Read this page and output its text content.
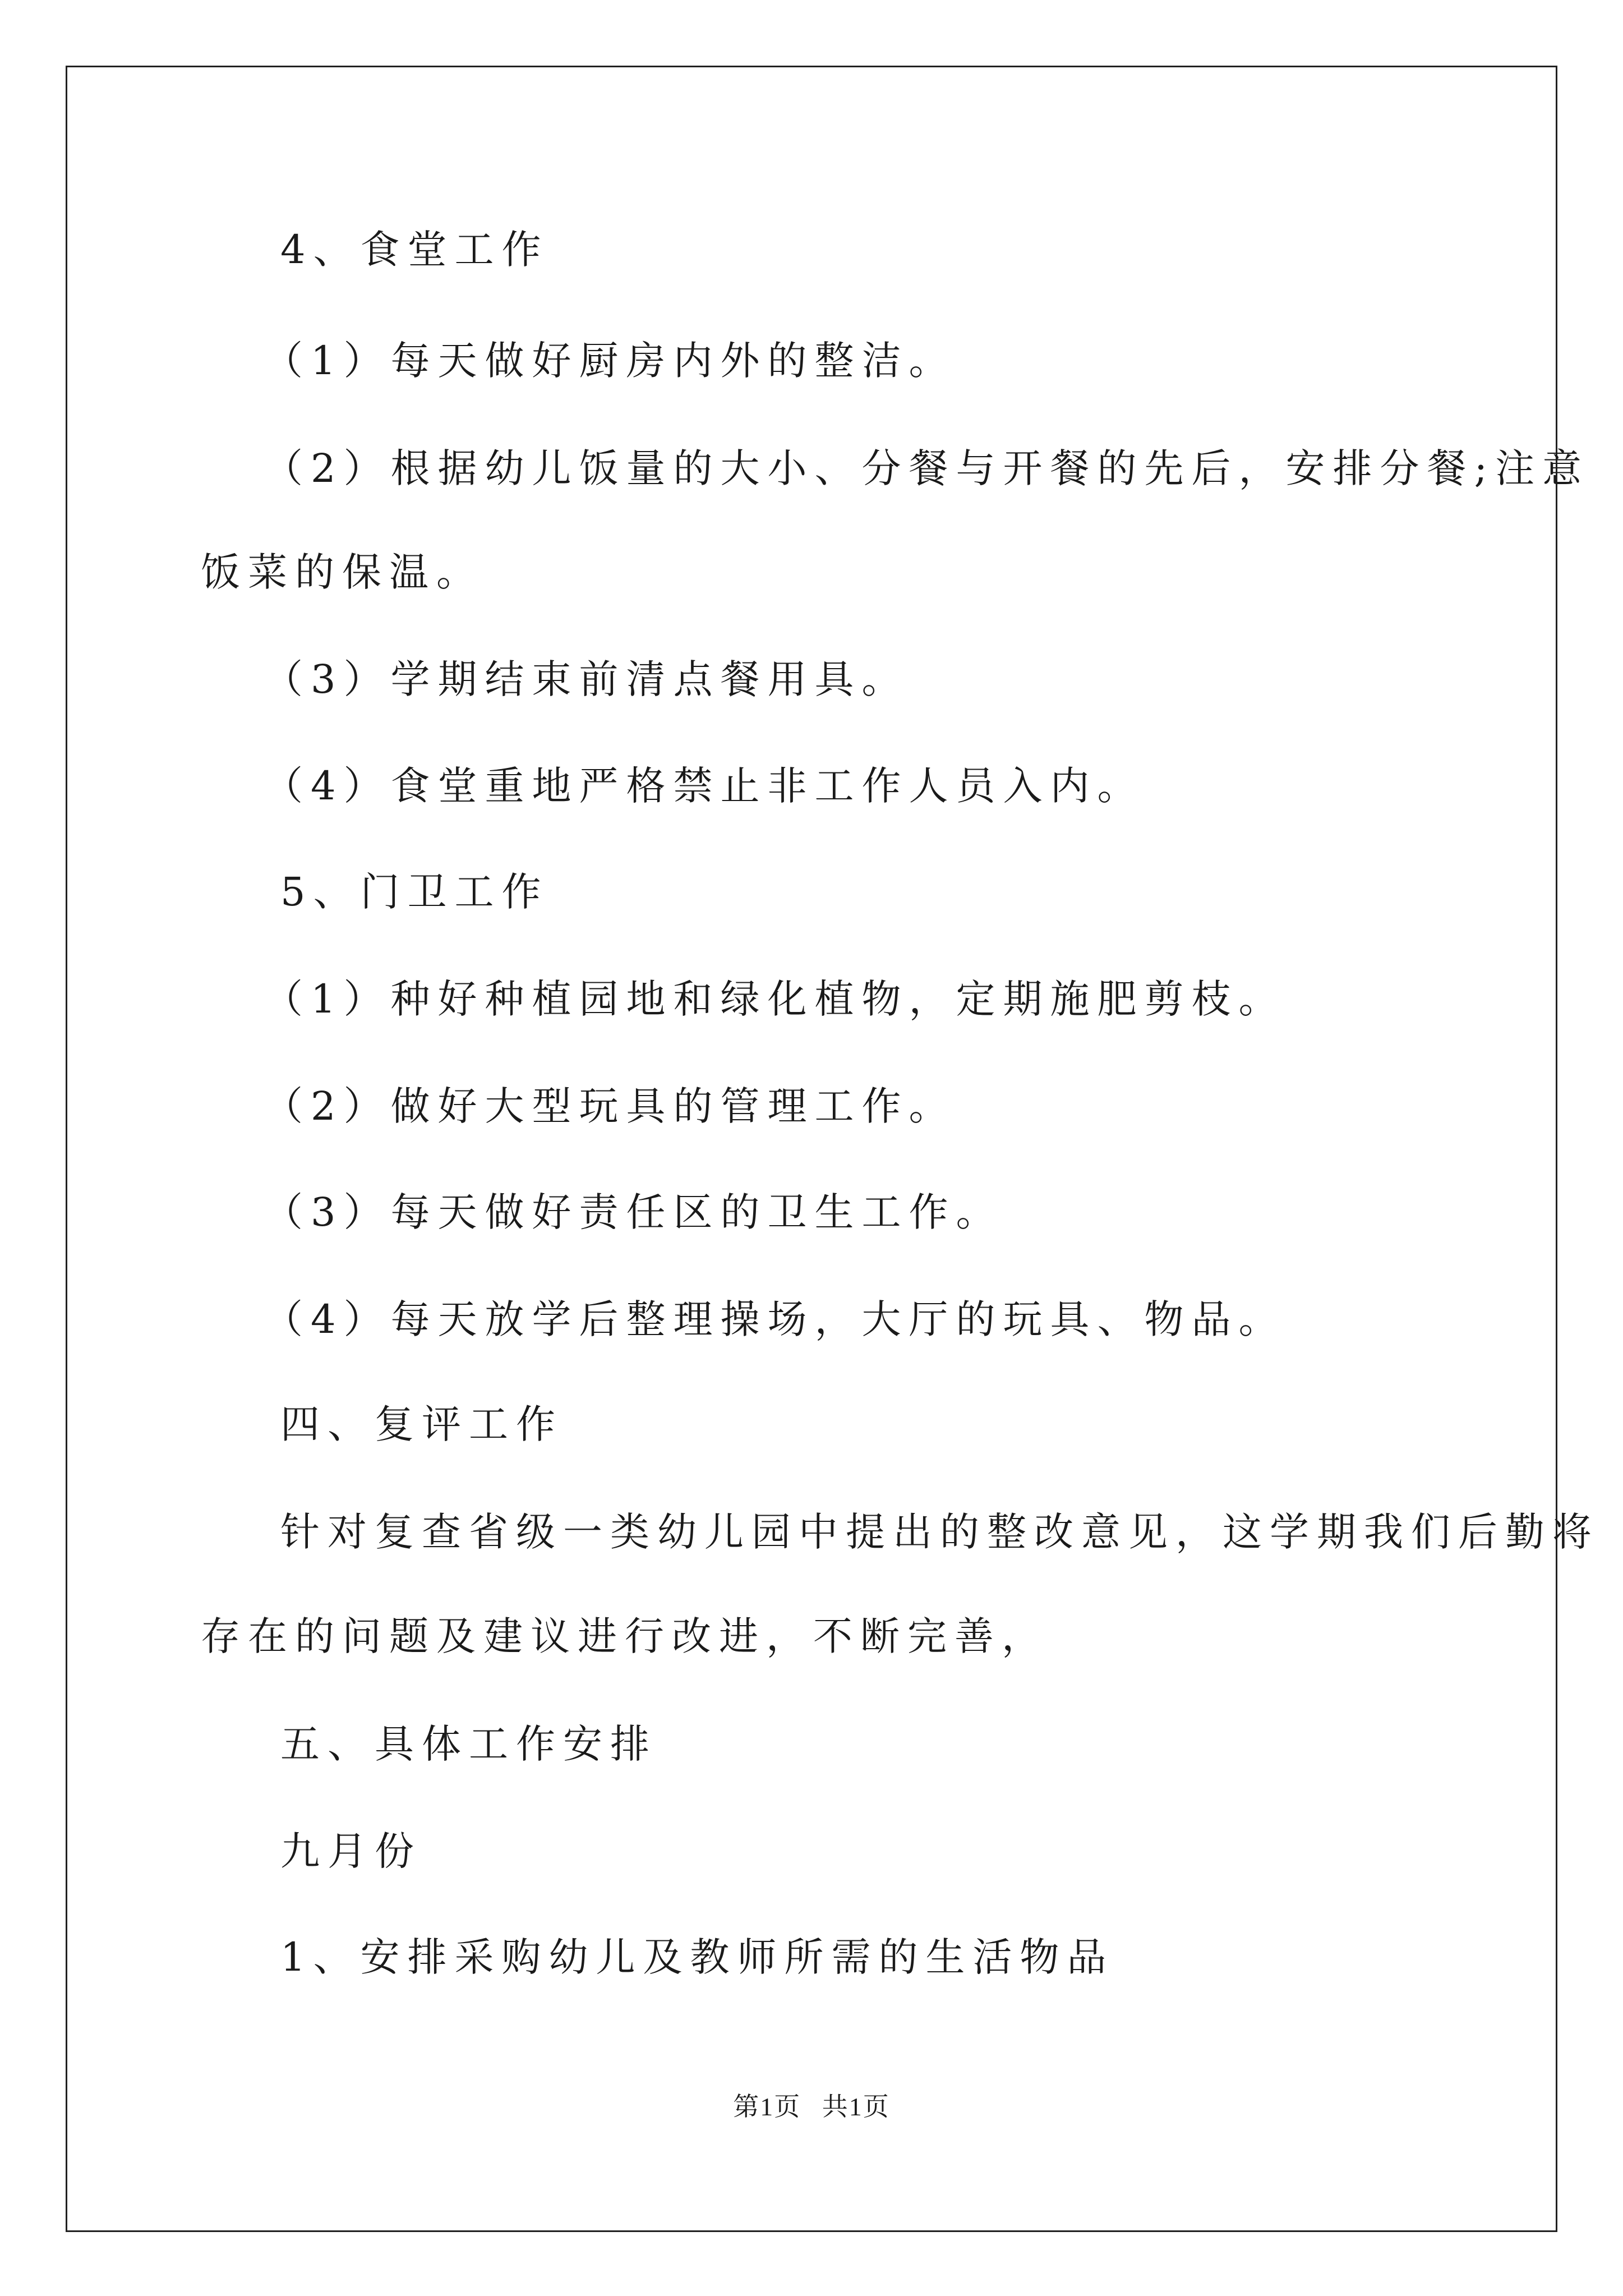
4、食堂工作
（1）每天做好厨房内外的整洁。
（2）根据幼儿饭量的大小、分餐与开餐的先后，安排分餐;注意
饭菜的保温。
（3）学期结束前清点餐用具。
（4）食堂重地严格禁止非工作人员入内。
5、门卫工作
（1）种好种植园地和绿化植物，定期施肥剪枝。
（2）做好大型玩具的管理工作。
（3）每天做好责任区的卫生工作。
（4）每天放学后整理操场，大厅的玩具、物品。
四、复评工作
针对复查省级一类幼儿园中提出的整改意见，这学期我们后勤将
存在的问题及建议进行改进，不断完善，
五、具体工作安排
九月份
1、安排采购幼儿及教师所需的生活物品
第1页 共1页
